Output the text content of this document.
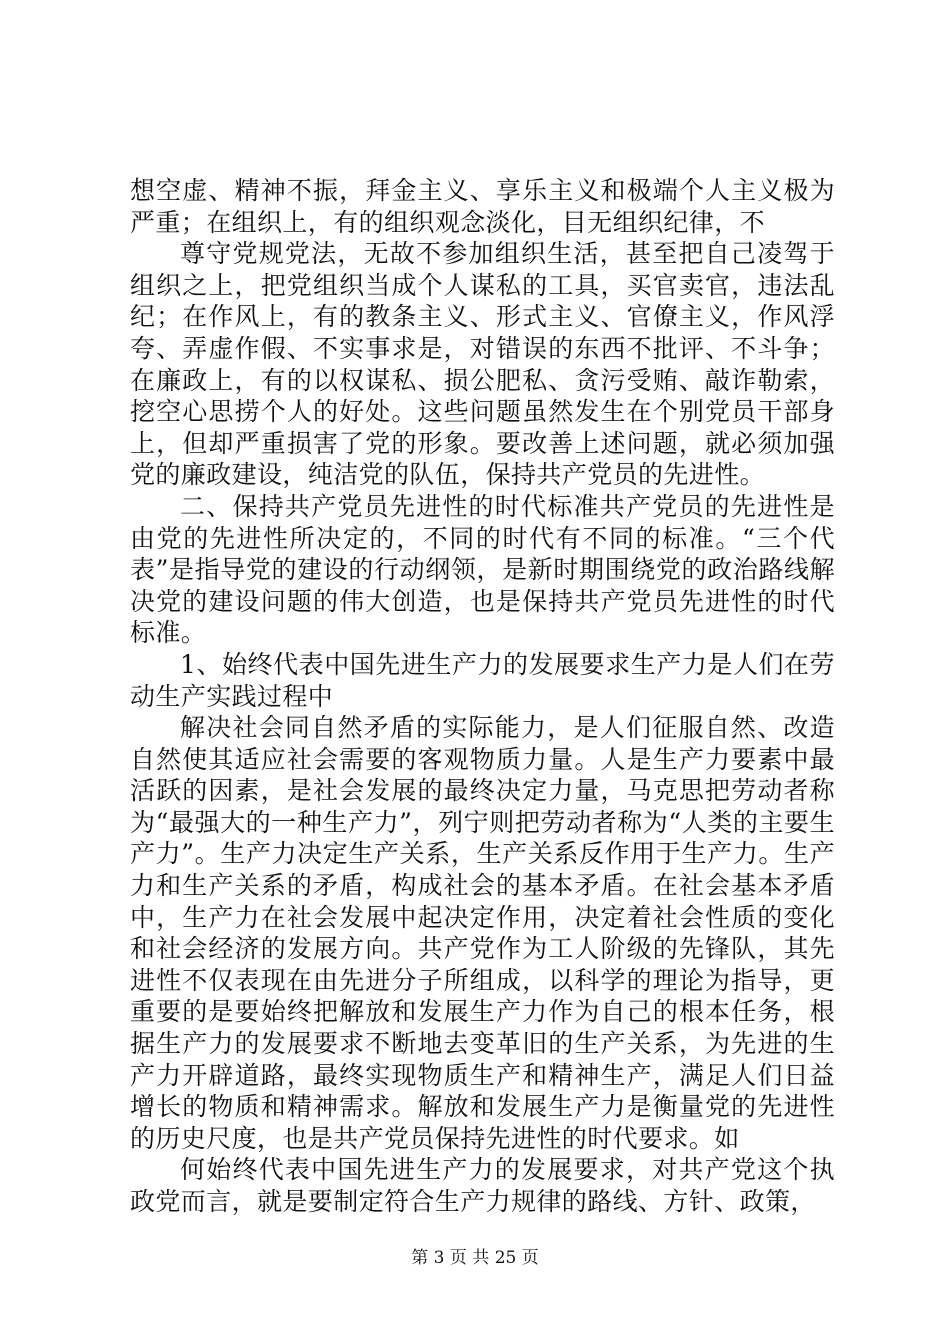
想空虚、精神不振，拜金主义、享乐主义和极端个人主义极为严重；在组织上，有的组织观念淡化，目无组织纪律，不

尊守党规党法，无故不参加组织生活，甚至把自己凌驾于组织之上，把党组织当成个人谋私的工具，买官卖官，违法乱纪；在作风上，有的教条主义、形式主义、官僚主义，作风浮夸、弄虚作假、不实事求是，对错误的东西不批评、不斗争；在廉政上，有的以权谋私、损公肥私、贪污受贿、敲诈勒索，挖空心思捞个人的好处。这些问题虽然发生在个别党员干部身上，但却严重损害了党的形象。要改善上述问题，就必须加强党的廉政建设，纯洁党的队伍，保持共产党员的先进性。

二、保持共产党员先进性的时代标准共产党员的先进性是由党的先进性所决定的，不同的时代有不同的标准。“三个代表”是指导党的建设的行动纲领，是新时期围绕党的政治路线解决党的建设问题的伟大创造，也是保持共产党员先进性的时代标准。

1、始终代表中国先进生产力的发展要求生产力是人们在劳动生产实践过程中

解决社会同自然矛盾的实际能力，是人们征服自然、改造自然使其适应社会需要的客观物质力量。人是生产力要素中最活跃的因素，是社会发展的最终决定力量，马克思把劳动者称为“最强大的一种生产力”，列宁则把劳动者称为“人类的主要生产力”。生产力决定生产关系，生产关系反作用于生产力。生产力和生产关系的矛盾，构成社会的基本矛盾。在社会基本矛盾中，生产力在社会发展中起决定作用，决定着社会性质的变化和社会经济的发展方向。共产党作为工人阶级的先锋队，其先进性不仅表现在由先进分子所组成，以科学的理论为指导，更重要的是要始终把解放和发展生产力作为自己的根本任务，根据生产力的发展要求不断地去变革旧的生产关系，为先进的生产力开辟道路，最终实现物质生产和精神生产，满足人们日益增长的物质和精神需求。解放和发展生产力是衡量党的先进性的历史尺度，也是共产党员保持先进性的时代要求。如

何始终代表中国先进生产力的发展要求，对共产党这个执政党而言，就是要制定符合生产力规律的路线、方针、政策，

第 3 页 共 25 页
